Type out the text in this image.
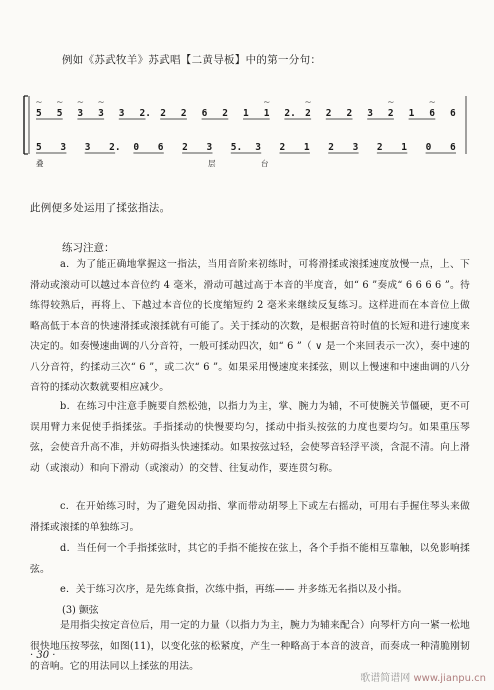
例如《苏武牧羊》苏武唱【二黄导板】中的第一分句：
5 5 3 3 3 2. 2 2 6 2 1 1 2. 2 2 2 3 2 1 6 6
5 3 3 2. 0 6 2 3 5. 3 2 1 2 3 2 1 0 6
⁓ ⁓ ⁓ ⁓	⁓	⁓	⁓	⁓
叠	层	台
此例便多处运用了揉弦指法。
练习注意：

a．为了能正确地掌握这一指法，当用音阶来初练时，可将滑揉或滚揉速度放慢一点，上、下滑动或滚动可以越过本音位约 4 毫米，滑动可越过高于本音的半度音，如“ 6 ”奏成“ 6 6 6 6 ”。待练得较熟后，再将上、下越过本音位的长度缩短约 2 毫米来继续反复练习。这样进而在本音位上做略高低于本音的快速滑揉或滚揉就有可能了。关于揉动的次数，是根据音符时值的长短和进行速度来决定的。如奏慢速曲调的八分音符，一般可揉动四次，如“ 6 ”（ ∨ 是一个来回表示一次），奏中速的八分音符，约揉动三次“ 6 ”，或二次“ 6 ”。如果采用慢速度来揉弦，则以上慢速和中速曲调的八分音符的揉动次数就要相应减少。

b．在练习中注意手腕要自然松弛，以指力为主，掌、腕力为辅，不可使腕关节僵硬，更不可误用臂力来促使手指揉弦。手指揉动的快慢要均匀，揉动中指头按弦的力度也要均匀。如果重压琴弦，会使音升高不准，并妨碍指头快速揉动。如果按弦过轻，会使琴音轻浮平淡，含混不清。向上滑动（或滚动）和向下滑动（或滚动）的交替、往复动作，要连贯匀称。

c．在开始练习时，为了避免因动指、掌而带动胡琴上下或左右摇动，可用右手握住琴头来做滑揉或滚揉的单独练习。

d．当任何一个手指揉弦时，其它的手指不能按在弦上，各个手指不能相互靠触，以免影响揉弦。

e．关于练习次序，是先练食指，次练中指，再练—— 并多练无名指以及小指。

(3) 颤弦

是用指尖按定音位后，用一定的力量（以指力为主，腕力为辅来配合）向琴杆方向一紧一松地很快地压按琴弦，如图(11)，以变化弦的松紧度，产生一种略高于本音的波音，而奏成一种清脆刚韧的音响。它的用法同以上揉弦的用法。

· 30 ·
歌谱简谱网 www.jianpu.cn
